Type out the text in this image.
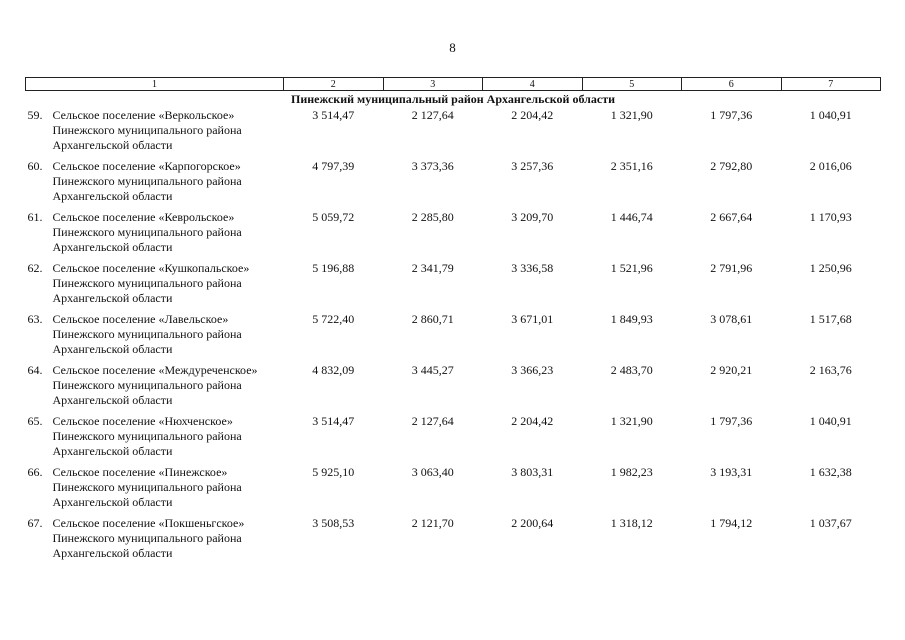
8
1	2	3	4	5	6	7
Пинежский муниципальный район Архангельской области						

59. Сельское поселение «Веркольское» Пинежского муниципального района Архангельской области	3 514,47	2 127,64	2 204,42	1 321,90	1 797,36	1 040,91

60. Сельское поселение «Карпогорское» Пинежского муниципального района Архангельской области	4 797,39	3 373,36	3 257,36	2 351,16	2 792,80	2 016,06

61. Сельское поселение «Кеврольское» Пинежского муниципального района Архангельской области	5 059,72	2 285,80	3 209,70	1 446,74	2 667,64	1 170,93

62. Сельское поселение «Кушкопальское» Пинежского муниципального района Архангельской области	5 196,88	2 341,79	3 336,58	1 521,96	2 791,96	1 250,96

63. Сельское поселение «Лавельское» Пинежского муниципального района Архангельской области	5 722,40	2 860,71	3 671,01	1 849,93	3 078,61	1 517,68

64. Сельское поселение «Междуреченское» Пинежского муниципального района Архангельской области	4 832,09	3 445,27	3 366,23	2 483,70	2 920,21	2 163,76

65. Сельское поселение «Нюхченское» Пинежского муниципального района Архангельской области	3 514,47	2 127,64	2 204,42	1 321,90	1 797,36	1 040,91

66. Сельское поселение «Пинежское» Пинежского муниципального района Архангельской области	5 925,10	3 063,40	3 803,31	1 982,23	3 193,31	1 632,38

67. Сельское поселение «Покшеньгское» Пинежского муниципального района Архангельской области	3 508,53	2 121,70	2 200,64	1 318,12	1 794,12	1 037,67
